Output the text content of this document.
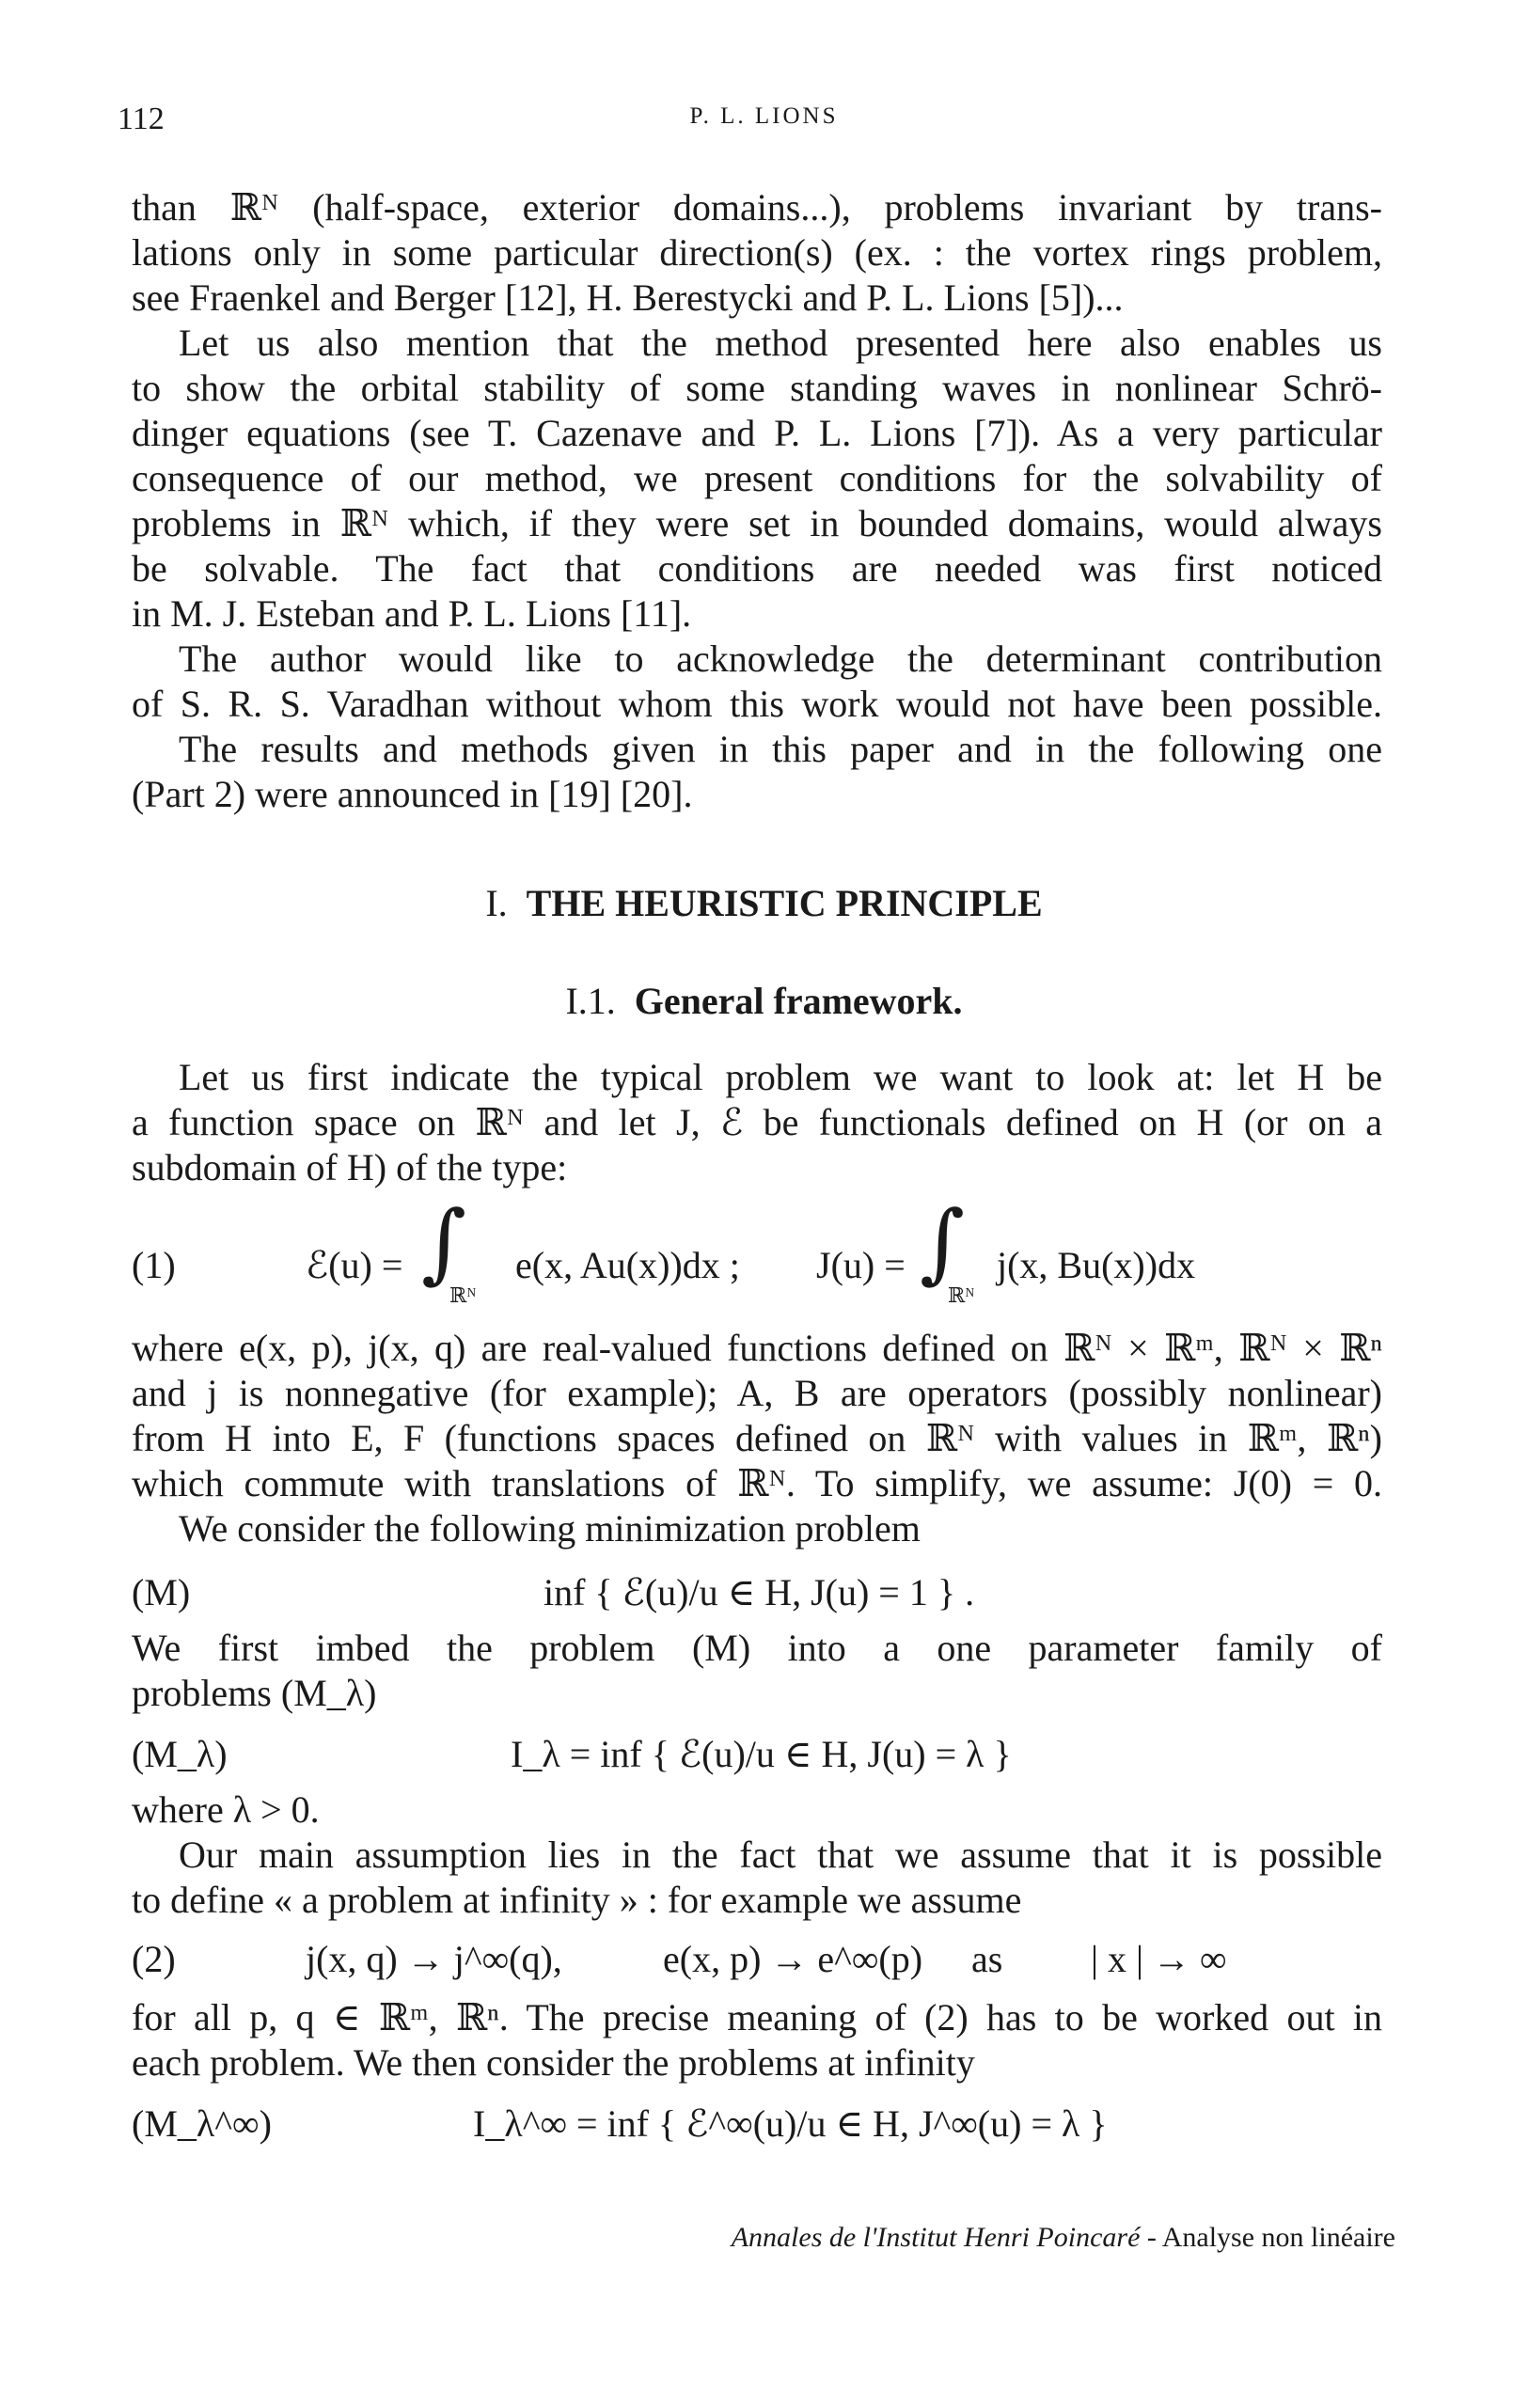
112	P. L. LIONS
than ℝᴺ (half-space, exterior domains...), problems invariant by trans-
lations only in some particular direction(s) (ex. : the vortex rings problem,
see Fraenkel and Berger [12], H. Berestycki and P. L. Lions [5])...
Let us also mention that the method presented here also enables us
to show the orbital stability of some standing waves in nonlinear Schrö-
dinger equations (see T. Cazenave and P. L. Lions [7]). As a very particular
consequence of our method, we present conditions for the solvability of
problems in ℝᴺ which, if they were set in bounded domains, would always
be solvable. The fact that conditions are needed was first noticed
in M. J. Esteban and P. L. Lions [11].
The author would like to acknowledge the determinant contribution
of S. R. S. Varadhan without whom this work would not have been possible.
The results and methods given in this paper and in the following one
(Part 2) were announced in [19] [20].
I. THE HEURISTIC PRINCIPLE
I.1. General framework.
Let us first indicate the typical problem we want to look at: let H be
a function space on ℝᴺ and let J, ℰ be functionals defined on H (or on a
subdomain of H) of the type:
(1)	ℰ(u) = ∫
ℝᴺ
e(x, Au(x))dx ; J(u) = ∫
ℝᴺ
j(x, Bu(x))dx
where e(x, p), j(x, q) are real-valued functions defined on ℝᴺ × ℝᵐ, ℝᴺ × ℝⁿ
and j is nonnegative (for example); A, B are operators (possibly nonlinear)
from H into E, F (functions spaces defined on ℝᴺ with values in ℝᵐ, ℝⁿ)
which commute with translations of ℝᴺ. To simplify, we assume: J(0) = 0.
We consider the following minimization problem
(M)	inf { ℰ(u)/u ∈ H, J(u) = 1 } .
We first imbed the problem (M) into a one parameter family of
problems (M_λ)
(M_λ)	I_λ = inf { ℰ(u)/u ∈ H, J(u) = λ }
where λ > 0.
Our main assumption lies in the fact that we assume that it is possible
to define « a problem at infinity » : for example we assume
(2)	j(x, q) → j^∞(q),	e(x, p) → e^∞(p) as | x | → ∞
for all p, q ∈ ℝᵐ, ℝⁿ. The precise meaning of (2) has to be worked out in
each problem. We then consider the problems at infinity
(M_λ^∞)	I_λ^∞ = inf { ℰ^∞(u)/u ∈ H, J^∞(u) = λ }
Annales de l'Institut Henri Poincaré - Analyse non linéaire
